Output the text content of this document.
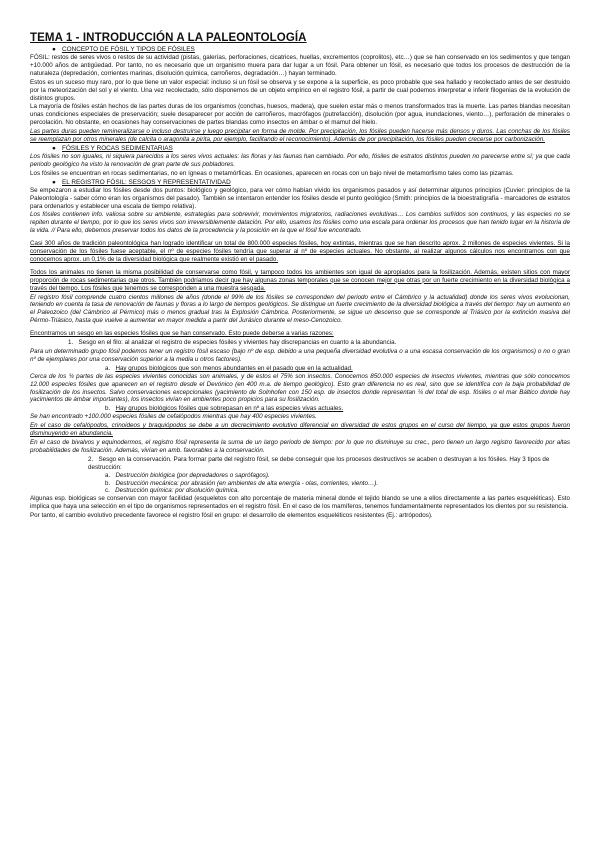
TEMA 1 - INTRODUCCIÓN A LA PALEONTOLOGÍA
● CONCEPTO DE FÓSIL Y TIPOS DE FÓSILES

FÓSIL: restos de seres vivos o restos de su actividad (pistas, galerías, perforaciones, cicatrices, huellas, excrementos (coprolitos), etc…) que se han conservado en los sedimentos y que tengan +10.000 años de antigüedad. Por tanto, no es necesario que un organismo muera para dar lugar a un fósil. Para obtener un fósil, es necesario que todos los procesos de destrucción de la naturaleza (depredación, corrientes marinas, disolución química, carroñeros, degradación…) hayan terminado.

Estos es un suceso muy raro, por lo que tiene un valor especial: incluso si un fósil se observa y se expone a la superficie, es poco probable que sea hallado y recolectado antes de ser destruido por la meteorización del sol y el viento. Una vez recolectado, sólo disponemos de un objeto empírico en el registro fósil, a partir de cual podemos interpretar e inferir filogenias de la evolución de distintos grupos.

La mayoría de fósiles están hechos de las partes duras de los organismos (conchas, huesos, madera), que suelen estar más o menos transformados tras la muerte. Las partes blandas necesitan unas condiciones especiales de preservación; suele desaparecer por acción de carroñeros, macrófagos (putrefacción), disolución (por agua, inundaciones, viento…), perforación de minerales o percolación. No obstante, en ocasiones hay conservaciones de partes blandas como insectos en ámbar o el mamut del hielo.

Las partes duras pueden remineralizarse o incluso destruirse y luego precipitar en forma de molde. Por precipitación, los fósiles pueden hacerse más densos y duros. Las conchas de los fósiles se reemplazan por otros minerales (de calcita o aragonita a pirita, por ejemplo, facilitando el reconocimiento). Además de por precipitación, los fósiles pueden crecerse por carbonización.

● FÓSILES Y ROCAS SEDIMENTARIAS

Los fósiles no son iguales, ni siquiera parecidos a los seres vivos actuales: las floras y las faunas han cambiado. Por ello, fósiles de estratos distintos pueden no parecerse entre sí; ya que cada periodo geológico ha visto la renovación de gran parte de sus pobladores.

Los fósiles se encuentran en rocas sedimentarias, no en ígneas o metamórficas. En ocasiones, aparecen en rocas con un bajo nivel de metamorfismo tales como las pizarras.

● EL REGISTRO FÓSIL: SESGOS Y REPRESENTATIVIDAD

Se empezaron a estudiar los fósiles desde dos puntos: biológico y geológico, para ver cómo habían vivido los organismos pasados y así determinar algunos principios (Cuvier: principios de la Paleontología - saber cómo eran los organismos del pasado). También se intentaron entender los fósiles desde el punto geológico (Smith: principios de la bioestratigrafía - marcadores de estratos para ordenarlos y establecer una escala de tiempo relativa).

Los fósiles contienen info. valiosa sobre su ambiente, estrategias para sobrevivir, movimientos migratorios, radiaciones evolutivas… Los cambios sufridos son continuos, y las especies no se repiten durante el tiempo, por lo que los seres vivos son irreversiblemente datación. Por ello, usamos los fósiles como una escala para ordenar los procesos que han tenido lugar en la historia de la vida. // Para ello, debemos preservar todos los datos de la procedencia y la posición en la que el fósil fue encontrado.

Casi 300 años de tradición paleontológica han logrado identificar un total de 800.000 especies fósiles, hoy extintas, mientras que se han descrito aprox. 2 millones de especies vivientes. Si la conservación de los fósiles fuese aceptable, el nº de especies fósiles tendría que superar al nº de especies actuales. No obstante, al realizar algunos cálculos nos encontramos con que conocemos aprox. un 0,1% de la diversidad biológica que realmente existió en el pasado.

Todos los animales no tienen la misma posibilidad de conservarse como fósil, y tampoco todos los ambientes son igual de apropiados para la fosilización. Además, existen sitios con mayor proporción de rocas sedimentarias que otros. También podríamos decir que hay algunas zonas temporales que se conocen mejor que otras por un fuerte crecimiento en la diversidad biológica a través del tiempo. Los fósiles que tenemos se corresponden a una muestra sesgada.

El registro fósil comprende cuatro cientos millones de años (donde el 99% de los fósiles se corresponden del periodo entre el Cámbrico y la actualidad) donde los seres vivos evolucionan, teniendo en cuenta la tasa de renovación de faunas y floras a lo largo de tiempos geológicos. Se distingue un fuerte crecimiento de la diversidad biológica a través del tiempo: hay un aumento en el Paleozoico (del Cámbrico al Pérmico) más o menos gradual tras la Explosión Cámbrica. Posteriormente, se sigue un descenso que se corresponde al Triásico por la extinción masiva del Pérmo-Triásico, hasta que vuelve a aumentar en mayor medida a partir del Jurásico durante el meso-Cenozoico.

Encontramos un sesgo en las especies fósiles que se han conservado. Esto puede deberse a varias razones:

1. Sesgo en el filo: al analizar el registro de especies fósiles y vivientes hay discrepancias en cuanto a la abundancia.

Para un determinado grupo fósil podemos tener un registro fósil escaso (bajo nº de esp. debido a una pequeña diversidad evolutiva o a una escasa conservación de los organismos) o no o gran nº de ejemplares por una conservación superior a la media u otros factores).

a. Hay grupos biológicos que son menos abundantes en el pasado que en la actualidad.

Cerca de los ¾ partes de las especies vivientes conocidas son animales, y de estos el 75% son insectos. Conocemos 850.000 especies de insectos vivientes, mientras que sólo conocemos 12.000 especies fósiles que aparecen en el registro desde el Devónico (en 400 m.a. de tiempo geológico). Esto gran diferencia no es real, sino que se identifica con la baja probabilidad de fosilización de los insectos. Salvo conservaciones excepcionales (yacimiento de Solnhofen con 150 esp. de insectos donde representan ¼ del total de esp. fósiles o el mar Báltico donde hay yacimientos de ámbar importantes), los insectos vivían en ambientes poco propicios para su fosilización.

b. Hay grupos biológicos fósiles que sobrepasan en nº a las especies vivas actuales.

Se han encontrado +100.000 especies fósiles de cefalópodos mientras que hay 400 especies vivientes.

En el caso de cefalópodos, crinoideos y braquiópodos se debe a un decrecimiento evolutivo diferencial en diversidad de estos grupos en el curso del tiempo, ya que estos grupos fueron disminuyendo en abundancia.

En el caso de bivalvos y equinodermos, el registro fósil representa la suma de un largo periodo de tiempo: por lo que no disminuye su crec., pero tienen un largo registro favorecido por altas probabilidades de fosilización. Además, vivían en amb. favorables a la conservación.

2. Sesgo en la conservación. Para formar parte del registro fósil, se debe conseguir que los procesos destructivos se acaben o destruyan a los fósiles. Hay 3 tipos de destrucción:
a. Destrucción biológica (por depredadores o saprófagos).
b. Destrucción mecánica: por abrasión (en ambientes de alta energía - olas, corrientes, viento…).
c. Destrucción química: por disolución química.

Algunas esp. biológicas se conservan con mayor facilidad (esqueletos con alto porcentaje de materia mineral donde el tejido blando se une a ellos directamente a las partes esqueléticas). Esto implica que haya una selección en el tipo de organismos representados en el registro fósil. En el caso de los mamíferos, tenemos fundamentalmente representados los dientes por su resistencia.

Por tanto, el cambio evolutivo precedente favorece el registro fósil en grupo: el desarrollo de elementos esqueléticos resistentes (Ej.: artrópodos).
